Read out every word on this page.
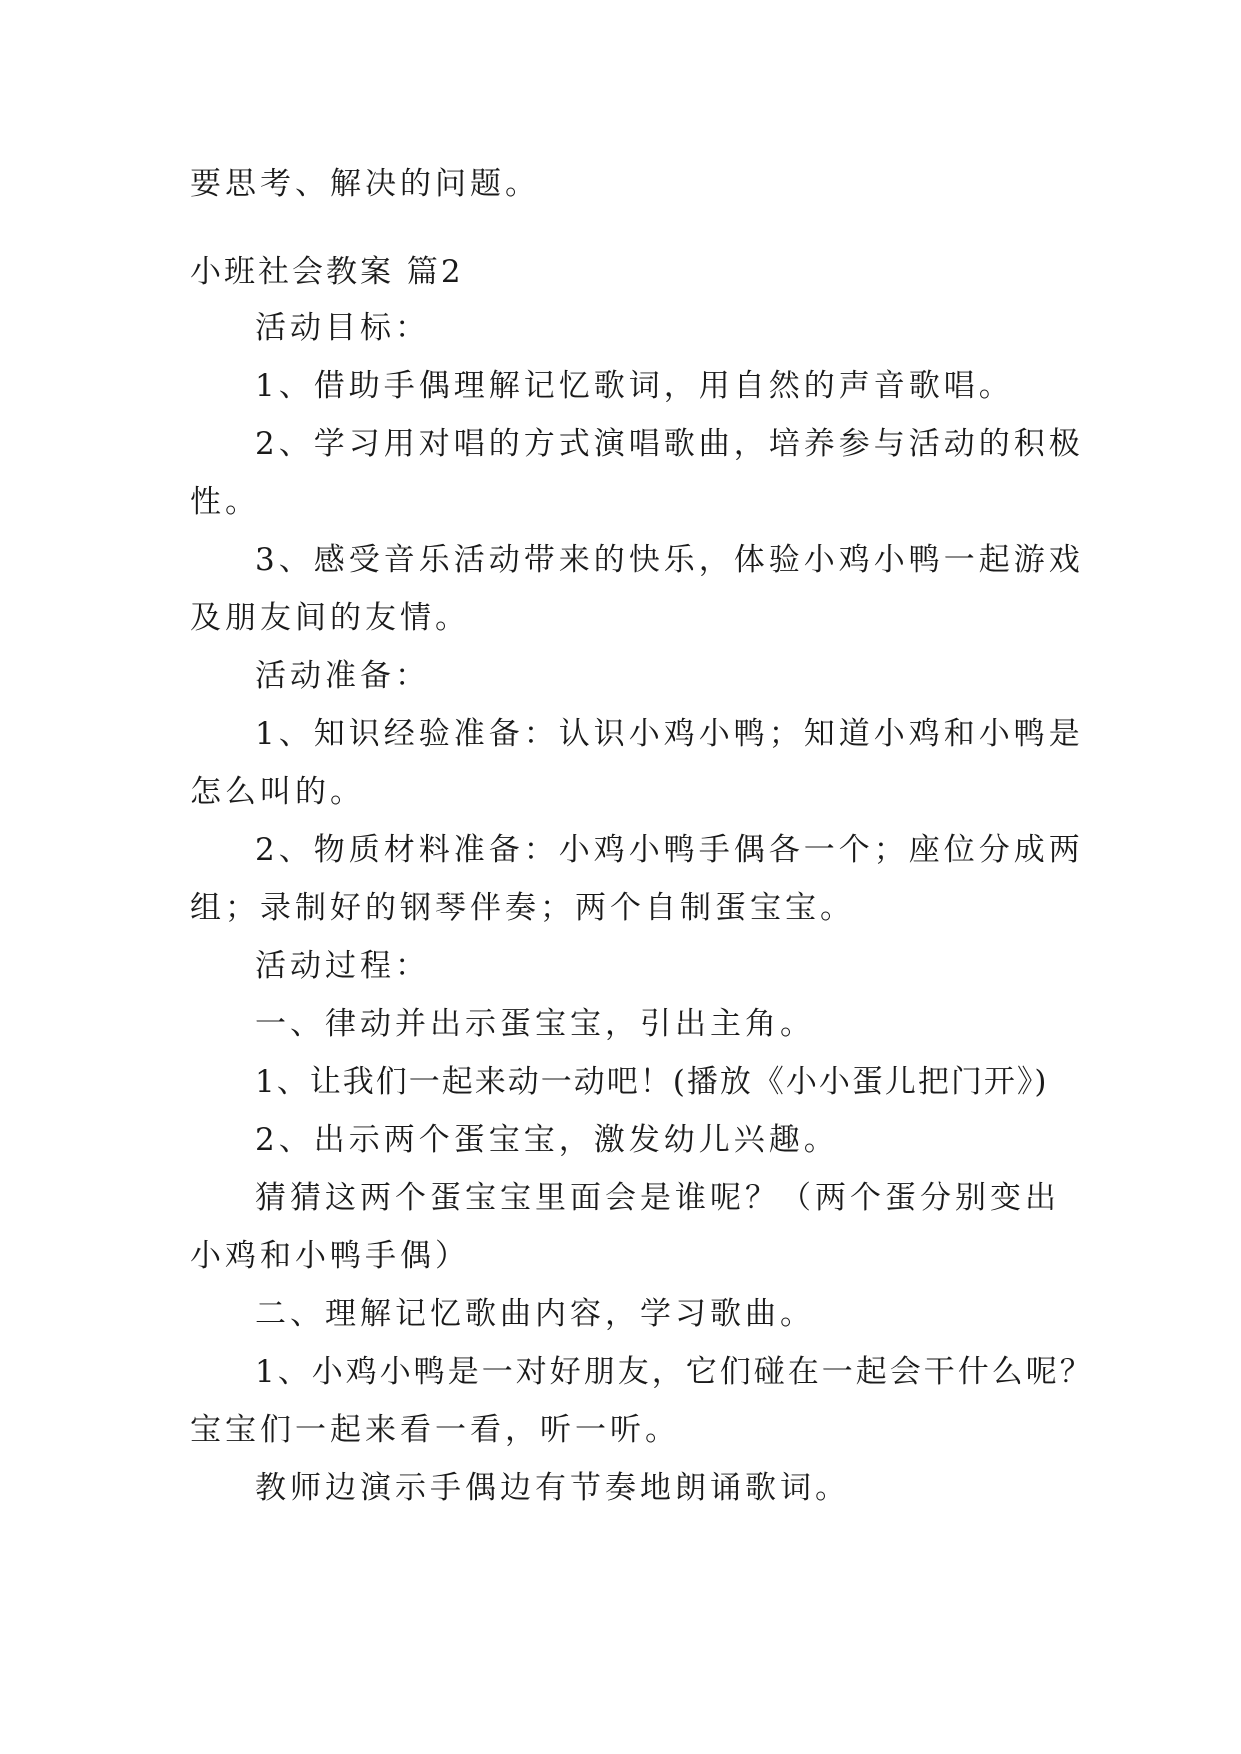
要思考、解决的问题。
小班社会教案 篇2
活动目标：
1、借助手偶理解记忆歌词，用自然的声音歌唱。
2、学习用对唱的方式演唱歌曲，培养参与活动的积极
性。
3、感受音乐活动带来的快乐，体验小鸡小鸭一起游戏
及朋友间的友情。
活动准备：
1、知识经验准备：认识小鸡小鸭；知道小鸡和小鸭是
怎么叫的。
2、物质材料准备：小鸡小鸭手偶各一个；座位分成两
组；录制好的钢琴伴奏；两个自制蛋宝宝。
活动过程：
一、律动并出示蛋宝宝，引出主角。
1、让我们一起来动一动吧！(播放《小小蛋儿把门开》)
2、出示两个蛋宝宝，激发幼儿兴趣。
猜猜这两个蛋宝宝里面会是谁呢？（两个蛋分别变出
小鸡和小鸭手偶）
二、理解记忆歌曲内容，学习歌曲。
1、小鸡小鸭是一对好朋友，它们碰在一起会干什么呢？
宝宝们一起来看一看，听一听。
教师边演示手偶边有节奏地朗诵歌词。
